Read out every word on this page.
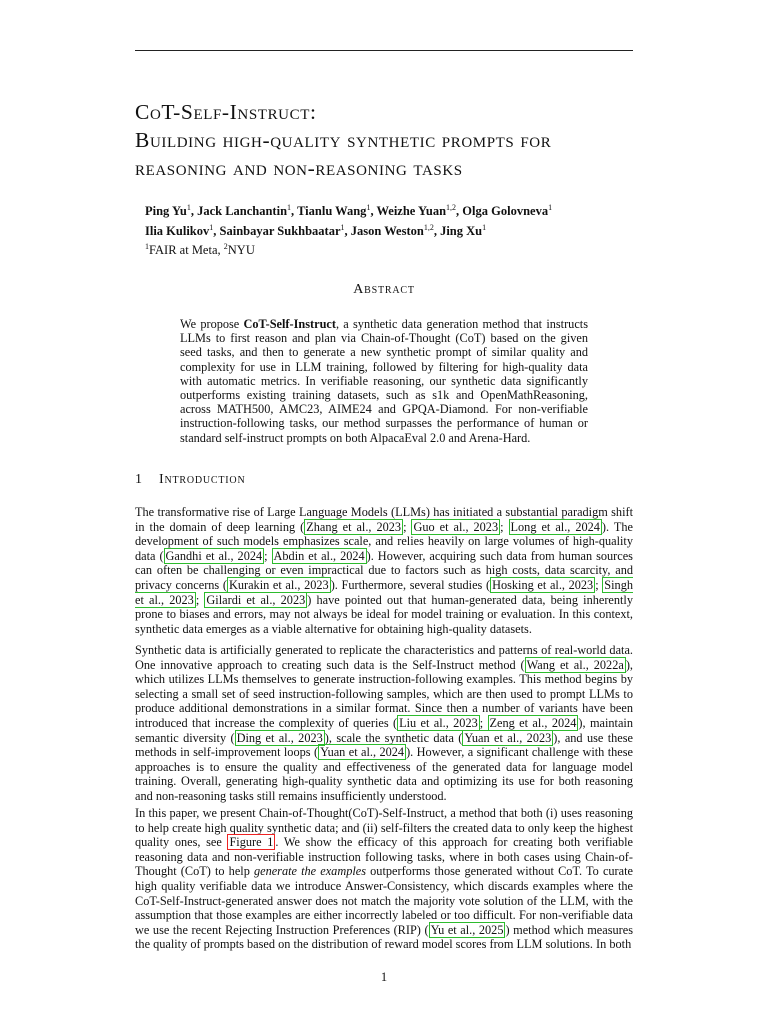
CoT-Self-Instruct:
Building high-quality synthetic prompts for
reasoning and non-reasoning tasks
Ping Yu$^1$, Jack Lanchantin$^1$, Tianlu Wang$^1$, Weizhe Yuan$^{1,2}$, Olga Golovneva$^1$
Ilia Kulikov$^1$, Sainbayar Sukhbaatar$^1$, Jason Weston$^{1,2}$, Jing Xu$^1$
$^1$FAIR at Meta, $^2$NYU
Abstract
We propose CoT-Self-Instruct, a synthetic data generation method that instructs LLMs to first reason and plan via Chain-of-Thought (CoT) based on the given seed tasks, and then to generate a new synthetic prompt of similar quality and complexity for use in LLM training, followed by filtering for high-quality data with automatic metrics. In verifiable reasoning, our synthetic data significantly outperforms existing training datasets, such as s1k and OpenMathReasoning, across MATH500, AMC23, AIME24 and GPQA-Diamond. For non-verifiable instruction-following tasks, our method surpasses the performance of human or standard self-instruct prompts on both AlpacaEval 2.0 and Arena-Hard.
1 Introduction
The transformative rise of Large Language Models (LLMs) has initiated a substantial paradigm shift in the domain of deep learning ( Zhang et al., 2023 ; Guo et al., 2023 ; Long et al., 2024 ). The development of such models emphasizes scale, and relies heavily on large volumes of high-quality data ( Gandhi et al., 2024 ; Abdin et al., 2024 ). However, acquiring such data from human sources can often be challenging or even impractical due to factors such as high costs, data scarcity, and privacy concerns ( Kurakin et al., 2023 ). Furthermore, several studies ( Hosking et al., 2023 ; Singh et al., 2023 ; Gilardi et al., 2023 ) have pointed out that human-generated data, being inherently prone to biases and errors, may not always be ideal for model training or evaluation. In this context, synthetic data emerges as a viable alternative for obtaining high-quality datasets.
Synthetic data is artificially generated to replicate the characteristics and patterns of real-world data. One innovative approach to creating such data is the Self-Instruct method ( Wang et al., 2022a ), which utilizes LLMs themselves to generate instruction-following examples. This method begins by selecting a small set of seed instruction-following samples, which are then used to prompt LLMs to produce additional demonstrations in a similar format. Since then a number of variants have been introduced that increase the complexity of queries ( Liu et al., 2023 ; Zeng et al., 2024 ), maintain semantic diversity ( Ding et al., 2023 ), scale the synthetic data ( Yuan et al., 2023 ), and use these methods in self-improvement loops ( Yuan et al., 2024 ). However, a significant challenge with these approaches is to ensure the quality and effectiveness of the generated data for language model training. Overall, generating high-quality synthetic data and optimizing its use for both reasoning and non-reasoning tasks still remains insufficiently understood.
In this paper, we present Chain-of-Thought(CoT)-Self-Instruct, a method that both (i) uses reasoning to help create high quality synthetic data; and (ii) self-filters the created data to only keep the highest quality ones, see Figure 1 . We show the efficacy of this approach for creating both verifiable reasoning data and non-verifiable instruction following tasks, where in both cases using Chain-of-Thought (CoT) to help generate the examples outperforms those generated without CoT. To curate high quality verifiable data we introduce Answer-Consistency, which discards examples where the CoT-Self-Instruct-generated answer does not match the majority vote solution of the LLM, with the assumption that those examples are either incorrectly labeled or too difficult. For non-verifiable data we use the recent Rejecting Instruction Preferences (RIP) ( Yu et al., 2025 ) method which measures the quality of prompts based on the distribution of reward model scores from LLM solutions. In both
1
